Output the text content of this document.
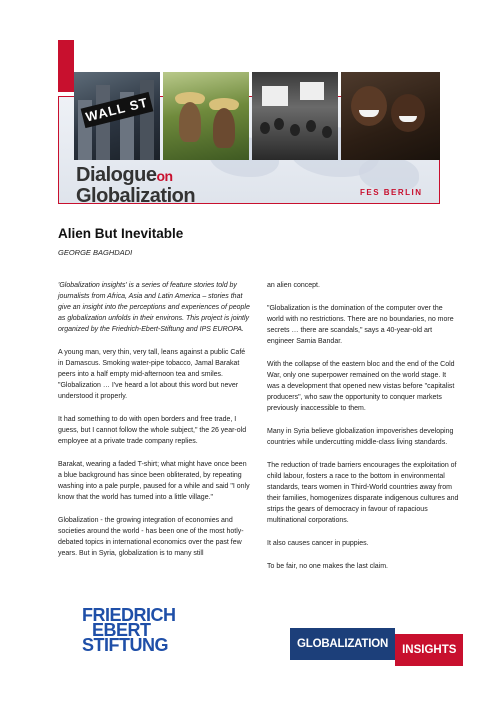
WALL ST
Dialogueon
Globalization	FES BERLIN
Alien But Inevitable
GEORGE BAGHDADI

'Globalization insights' is a series of feature stories told by journalists from Africa, Asia and Latin America – stories that give an insight into the perceptions and experiences of people as globalization unfolds in their environs. This project is jointly organized by the Friedrich-Ebert-Stiftung and IPS EUROPA.

A young man, very thin, very tall, leans against a public Café in Damascus. Smoking water-pipe tobacco, Jamal Barakat peers into a half empty mid-afternoon tea and smiles. "Globalization … I've heard a lot about this word but never understood it properly.

It had something to do with open borders and free trade, I guess, but I cannot follow the whole subject," the 26 year-old employee at a private trade company replies.

Barakat, wearing a faded T-shirt; what might have once been a blue background has since been obliterated, by repeating washing into a pale purple, paused for a while and said "I only know that the world has turned into a little village."

Globalization - the growing integration of economies and societies around the world - has been one of the most hotly-debated topics in international economics over the past few years. But in Syria, globalization is to many still

an alien concept.

"Globalization is the domination of the computer over the world with no restrictions. There are no boundaries, no more secrets … there are scandals," says a 40-year-old art engineer Samia Bandar.

With the collapse of the eastern bloc and the end of the Cold War, only one superpower remained on the world stage. It was a development that opened new vistas before "capitalist producers", who saw the opportunity to conquer markets previously inaccessible to them.

Many in Syria believe globalization impoverishes developing countries while undercutting middle-class living standards.

The reduction of trade barriers encourages the exploitation of child labour, fosters a race to the bottom in environmental standards, tears women in Third-World countries away from their families, homogenizes disparate indigenous cultures and strips the gears of democracy in favour of rapacious multinational corporations.

It also causes cancer in puppies.

To be fair, no one makes the last claim.

FRIEDRICH
EBERT
STIFTUNG	GLOBALIZATION	INSIGHTS
